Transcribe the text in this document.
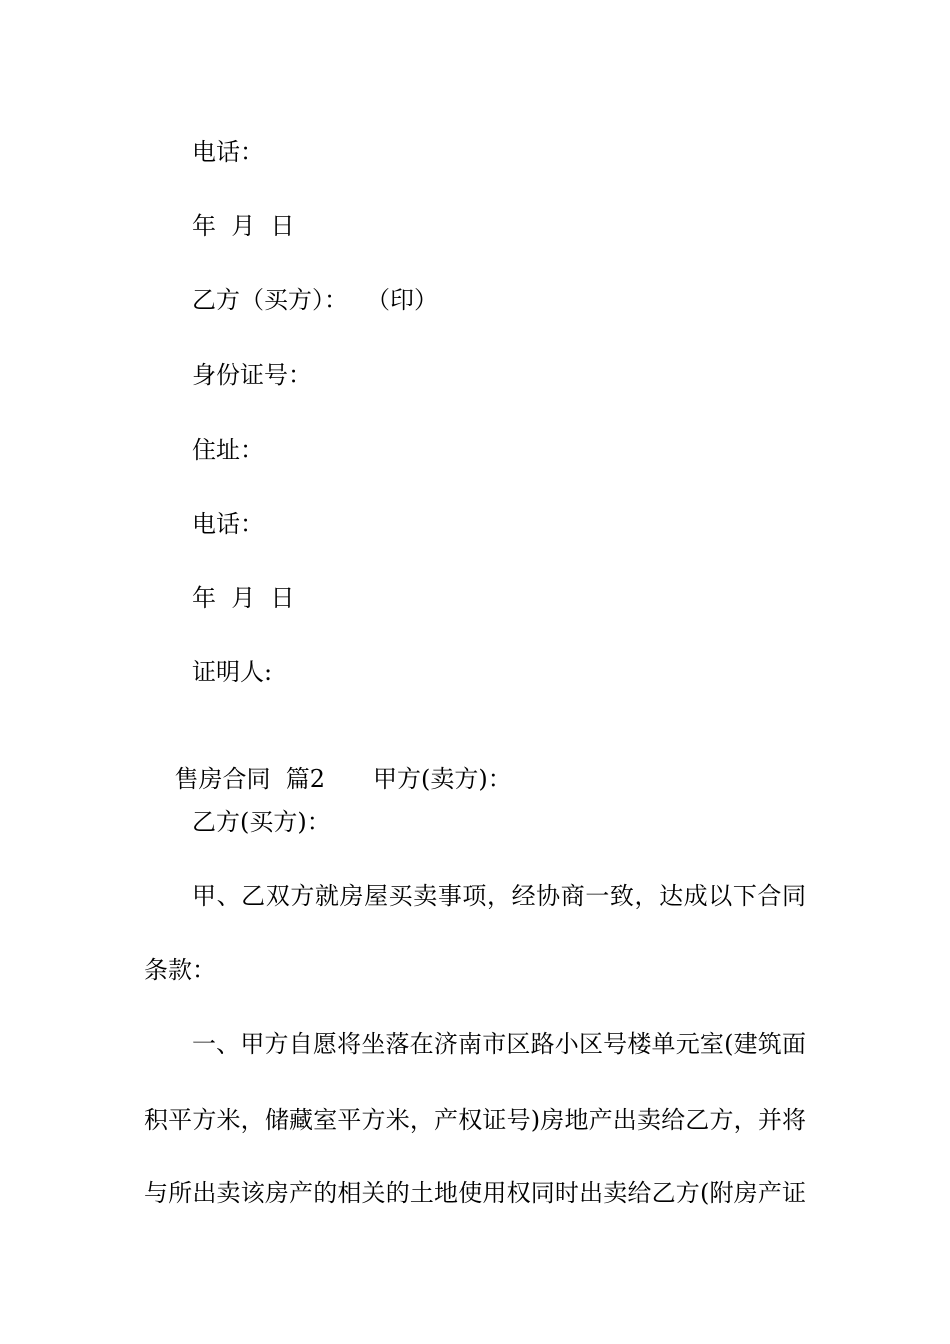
电话：
年  月  日
乙方（买方）： （印）
身份证号：
住址：
电话：
年  月  日
证明人:

售房合同  篇2 甲方(卖方)：

乙方(买方)：
甲、乙双方就房屋买卖事项，经协商一致，达成以下合同
条款：
一、甲方自愿将坐落在济南市区路小区号楼单元室(建筑面
积平方米，储藏室平方米，产权证号)房地产出卖给乙方，并将
与所出卖该房产的相关的土地使用权同时出卖给乙方(附房产证
